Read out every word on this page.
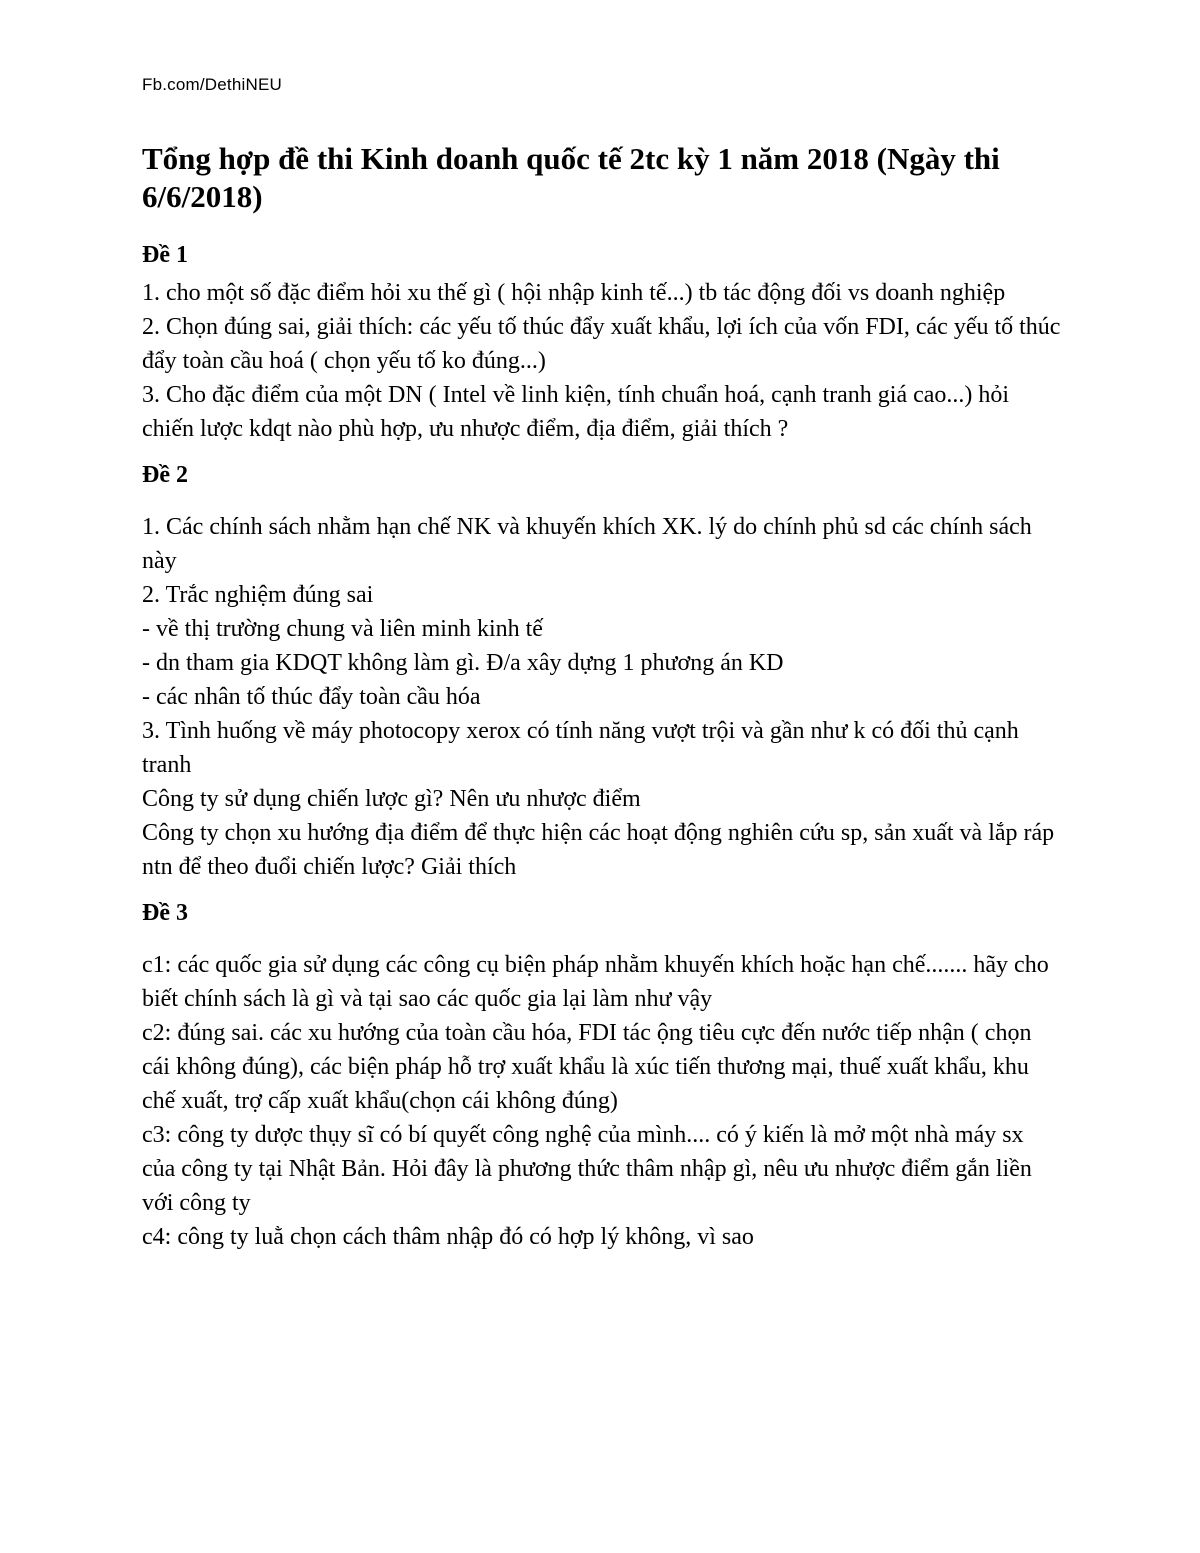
Fb.com/DethiNEU
Tổng hợp đề thi Kinh doanh quốc tế 2tc kỳ 1 năm 2018 (Ngày thi 6/6/2018)
Đề 1

1. cho một số đặc điểm hỏi xu thế gì ( hội nhập kinh tế...) tb tác động đối vs doanh nghiệp

2. Chọn đúng sai, giải thích: các yếu tố thúc đẩy xuất khẩu, lợi ích của vốn FDI, các yếu tố thúc đẩy toàn cầu hoá ( chọn yếu tố ko đúng...)

3. Cho đặc điểm của một DN ( Intel về linh kiện, tính chuẩn hoá, cạnh tranh giá cao...) hỏi chiến lược kdqt nào phù hợp, ưu nhược điểm, địa điểm, giải thích ?

Đề 2

1. Các chính sách nhằm hạn chế NK và khuyến khích XK. lý do chính phủ sd các chính sách này

2. Trắc nghiệm đúng sai

- về thị trường chung và liên minh kinh tế

- dn tham gia KDQT không làm gì. Đ/a xây dựng 1 phương án KD

- các nhân tố thúc đẩy toàn cầu hóa

3. Tình huống về máy photocopy xerox có tính năng vượt trội và gần như k có đối thủ cạnh tranh

Công ty sử dụng chiến lược gì? Nên ưu nhược điểm

Công ty chọn xu hướng địa điểm để thực hiện các hoạt động nghiên cứu sp, sản xuất và lắp ráp ntn để theo đuổi chiến lược? Giải thích

Đề 3

c1: các quốc gia sử dụng các công cụ biện pháp nhằm khuyến khích hoặc hạn chế....... hãy cho biết chính sách là gì và tại sao các quốc gia lại làm như vậy

c2: đúng sai. các xu hướng của toàn cầu hóa, FDI tác ộng tiêu cực đến nước tiếp nhận ( chọn cái không đúng), các biện pháp hỗ trợ xuất khẩu là xúc tiến thương mại, thuế xuất khẩu, khu chế xuất, trợ cấp xuất khẩu(chọn cái không đúng)

c3: công ty dược thụy sĩ có bí quyết công nghệ của mình.... có ý kiến là mở một nhà máy sx của công ty tại Nhật Bản. Hỏi đây là phương thức thâm nhập gì, nêu ưu nhược điểm gắn liền với công ty

c4: công ty luằ chọn cách thâm nhập đó có hợp lý không, vì sao
